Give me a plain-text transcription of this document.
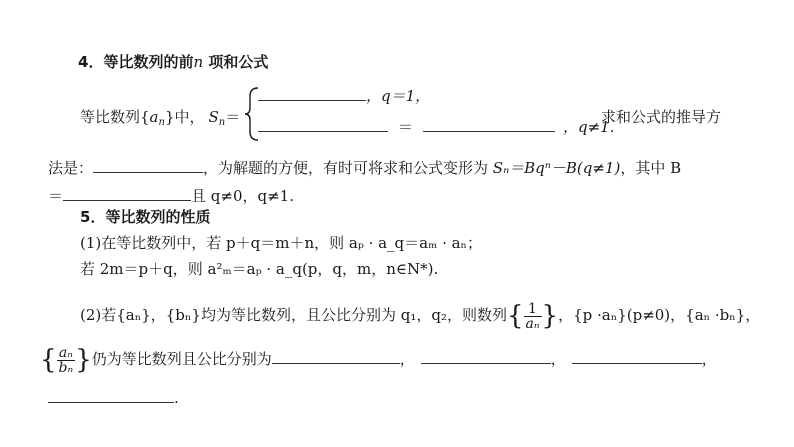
4．等比数列的前n 项和公式
等比数列$\{a_n\}$中， $S_n=$
，q＝1，
＝	，q≠1.
求和公式的推导方
法是：	，为解题的方便，有时可将求和公式变形为 Sₙ＝Bqⁿ－B(q≠1)，其中 B
＝	且 q≠0，q≠1.
5．等比数列的性质
(1)在等比数列中，若 p＋q＝m＋n，则 aₚ · a_q＝aₘ · aₙ；
若 2m＝p＋q，则 a²ₘ＝aₚ · a_q(p，q，m，n∈N*).
(2)若{aₙ}，{bₙ}均为等比数列，且公比分别为 q₁，q₂，则数列{ $\frac{1}{\text{aₙ}}$ }，{p ·aₙ}(p≠0)，{aₙ ·bₙ}，
{ $\frac{\text{aₙ}}{\text{bₙ}}$ }仍为等比数列且公比分别为	，	，	，
.
